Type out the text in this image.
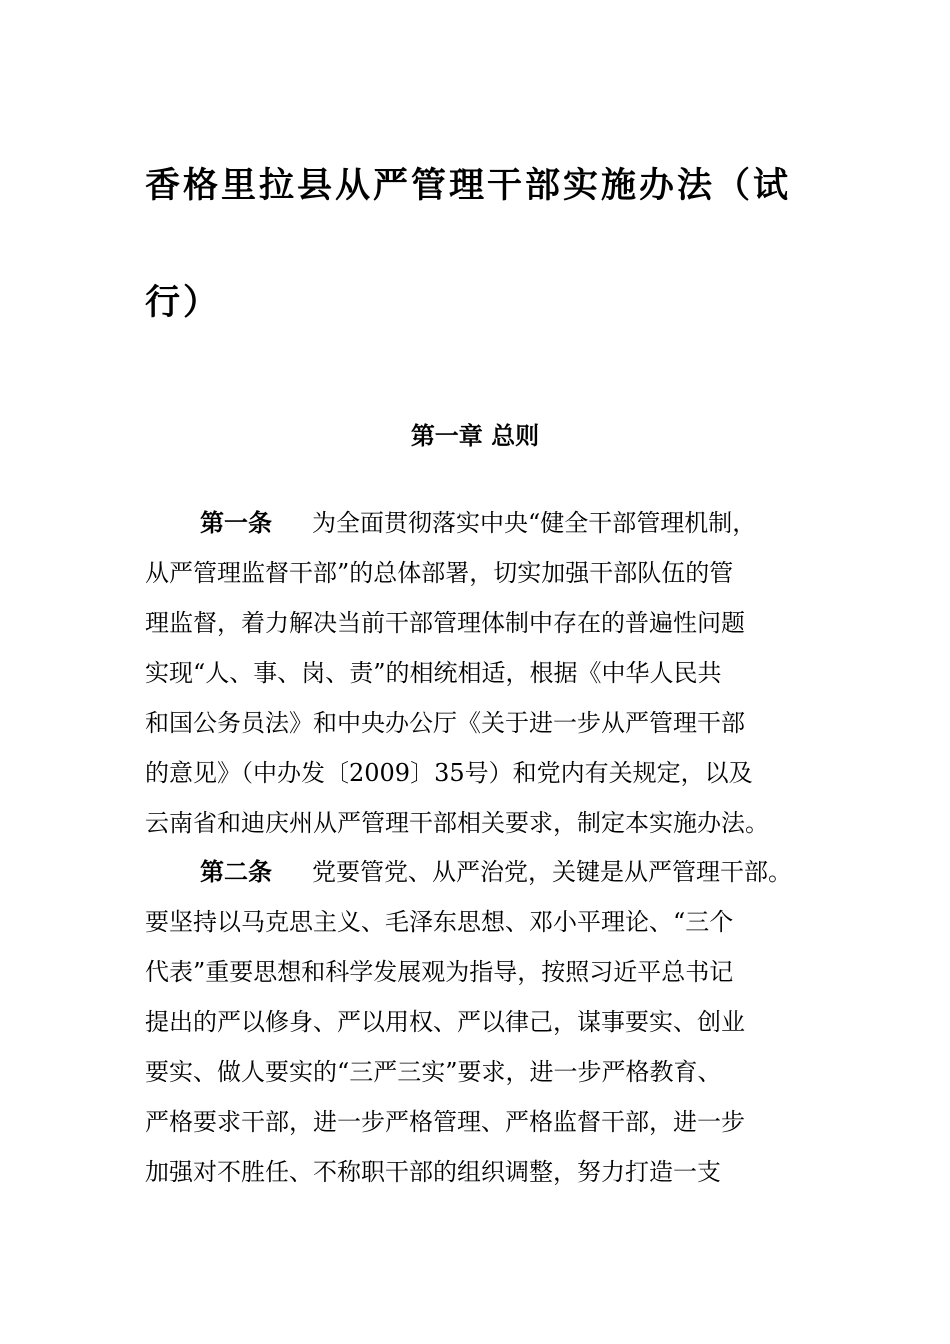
香格里拉县从严管理干部实施办法（试
行）
第一章 总则

第一条 为全面贯彻落实中央“健全干部管理机制，

从严管理监督干部”的总体部署，切实加强干部队伍的管

理监督，着力解决当前干部管理体制中存在的普遍性问题

实现“人、事、岗、责”的相统相适，根据《中华人民共

和国公务员法》和中央办公厅《关于进一步从严管理干部

的意见》（中办发〔2009〕35号）和党内有关规定，以及

云南省和迪庆州从严管理干部相关要求，制定本实施办法。

第二条 党要管党、从严治党，关键是从严管理干部。

要坚持以马克思主义、毛泽东思想、邓小平理论、“三个

代表”重要思想和科学发展观为指导，按照习近平总书记

提出的严以修身、严以用权、严以律己，谋事要实、创业

要实、做人要实的“三严三实”要求，进一步严格教育、

严格要求干部，进一步严格管理、严格监督干部，进一步

加强对不胜任、不称职干部的组织调整，努力打造一支
